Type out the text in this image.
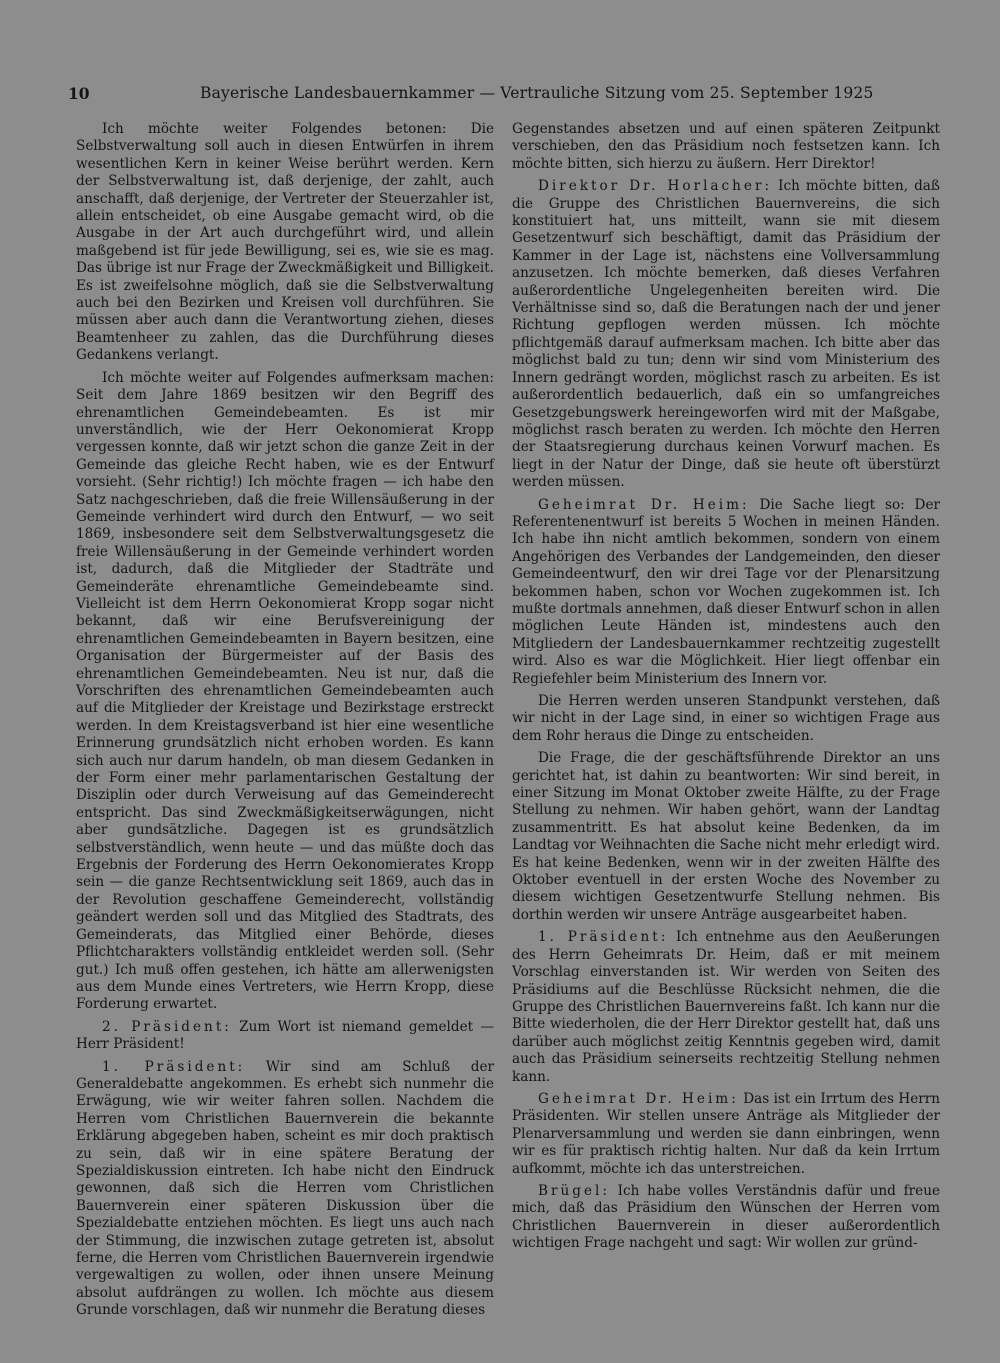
10	Bayerische Landesbauernkammer — Vertrauliche Sitzung vom 25. September 1925

Ich möchte weiter Folgendes betonen: Die Selbstverwaltung soll auch in diesen Entwürfen in ihrem wesentlichen Kern in keiner Weise berührt werden. Kern der Selbstverwaltung ist, daß derjenige, der zahlt, auch anschafft, daß derjenige, der Vertreter der Steuerzahler ist, allein entscheidet, ob eine Ausgabe gemacht wird, ob die Ausgabe in der Art auch durchgeführt wird, und allein maßgebend ist für jede Bewilligung, sei es, wie sie es mag. Das übrige ist nur Frage der Zweckmäßigkeit und Billigkeit. Es ist zweifelsohne möglich, daß sie die Selbstverwaltung auch bei den Bezirken und Kreisen voll durchführen. Sie müssen aber auch dann die Verantwortung ziehen, dieses Beamtenheer zu zahlen, das die Durchführung dieses Gedankens verlangt.

Ich möchte weiter auf Folgendes aufmerksam machen: Seit dem Jahre 1869 besitzen wir den Begriff des ehrenamtlichen Gemeindebeamten. Es ist mir unverständlich, wie der Herr Oekonomierat Kropp vergessen konnte, daß wir jetzt schon die ganze Zeit in der Gemeinde das gleiche Recht haben, wie es der Entwurf vorsieht. (Sehr richtig!) Ich möchte fragen — ich habe den Satz nachgeschrieben, daß die freie Willensäußerung in der Gemeinde verhindert wird durch den Entwurf, — wo seit 1869, insbesondere seit dem Selbstverwaltungsgesetz die freie Willensäußerung in der Gemeinde verhindert worden ist, dadurch, daß die Mitglieder der Stadträte und Gemeinderäte ehrenamtliche Gemeindebeamte sind. Vielleicht ist dem Herrn Oekonomierat Kropp sogar nicht bekannt, daß wir eine Berufsvereinigung der ehrenamtlichen Gemeindebeamten in Bayern besitzen, eine Organisation der Bürgermeister auf der Basis des ehrenamtlichen Gemeindebeamten. Neu ist nur, daß die Vorschriften des ehrenamtlichen Gemeindebeamten auch auf die Mitglieder der Kreistage und Bezirkstage erstreckt werden. In dem Kreistagsverband ist hier eine wesentliche Erinnerung grundsätzlich nicht erhoben worden. Es kann sich auch nur darum handeln, ob man diesem Gedanken in der Form einer mehr parlamentarischen Gestaltung der Disziplin oder durch Verweisung auf das Gemeinderecht entspricht. Das sind Zweckmäßigkeitserwägungen, nicht aber gundsätzliche. Dagegen ist es grundsätzlich selbstverständlich, wenn heute — und das müßte doch das Ergebnis der Forderung des Herrn Oekonomierates Kropp sein — die ganze Rechtsentwicklung seit 1869, auch das in der Revolution geschaffene Gemeinderecht, vollständig geändert werden soll und das Mitglied des Stadtrats, des Gemeinderats, das Mitglied einer Behörde, dieses Pflichtcharakters vollständig entkleidet werden soll. (Sehr gut.) Ich muß offen gestehen, ich hätte am allerwenigsten aus dem Munde eines Vertreters, wie Herrn Kropp, diese Forderung erwartet.

2. Präsident: Zum Wort ist niemand gemeldet — Herr Präsident!

1. Präsident: Wir sind am Schluß der Generaldebatte angekommen. Es erhebt sich nunmehr die Erwägung, wie wir weiter fahren sollen. Nachdem die Herren vom Christlichen Bauernverein die bekannte Erklärung abgegeben haben, scheint es mir doch praktisch zu sein, daß wir in eine spätere Beratung der Spezialdiskussion eintreten. Ich habe nicht den Eindruck gewonnen, daß sich die Herren vom Christlichen Bauernverein einer späteren Diskussion über die Spezialdebatte entziehen möchten. Es liegt uns auch nach der Stimmung, die inzwischen zutage getreten ist, absolut ferne, die Herren vom Christlichen Bauernverein irgendwie vergewaltigen zu wollen, oder ihnen unsere Meinung absolut aufdrängen zu wollen. Ich möchte aus diesem Grunde vorschlagen, daß wir nunmehr die Beratung dieses

Gegenstandes absetzen und auf einen späteren Zeitpunkt verschieben, den das Präsidium noch festsetzen kann. Ich möchte bitten, sich hierzu zu äußern. Herr Direktor!

Direktor Dr. Horlacher: Ich möchte bitten, daß die Gruppe des Christlichen Bauernvereins, die sich konstituiert hat, uns mitteilt, wann sie mit diesem Gesetzentwurf sich beschäftigt, damit das Präsidium der Kammer in der Lage ist, nächstens eine Vollversammlung anzusetzen. Ich möchte bemerken, daß dieses Verfahren außerordentliche Ungelegenheiten bereiten wird. Die Verhältnisse sind so, daß die Beratungen nach der und jener Richtung gepflogen werden müssen. Ich möchte pflichtgemäß darauf aufmerksam machen. Ich bitte aber das möglichst bald zu tun; denn wir sind vom Ministerium des Innern gedrängt worden, möglichst rasch zu arbeiten. Es ist außerordentlich bedauerlich, daß ein so umfangreiches Gesetzgebungswerk hereingeworfen wird mit der Maßgabe, möglichst rasch beraten zu werden. Ich möchte den Herren der Staatsregierung durchaus keinen Vorwurf machen. Es liegt in der Natur der Dinge, daß sie heute oft überstürzt werden müssen.

Geheimrat Dr. Heim: Die Sache liegt so: Der Referentenentwurf ist bereits 5 Wochen in meinen Händen. Ich habe ihn nicht amtlich bekommen, sondern von einem Angehörigen des Verbandes der Landgemeinden, den dieser Gemeindeentwurf, den wir drei Tage vor der Plenarsitzung bekommen haben, schon vor Wochen zugekommen ist. Ich mußte dortmals annehmen, daß dieser Entwurf schon in allen möglichen Leute Händen ist, mindestens auch den Mitgliedern der Landesbauernkammer rechtzeitig zugestellt wird. Also es war die Möglichkeit. Hier liegt offenbar ein Regiefehler beim Ministerium des Innern vor.

Die Herren werden unseren Standpunkt verstehen, daß wir nicht in der Lage sind, in einer so wichtigen Frage aus dem Rohr heraus die Dinge zu entscheiden.

Die Frage, die der geschäftsführende Direktor an uns gerichtet hat, ist dahin zu beantworten: Wir sind bereit, in einer Sitzung im Monat Oktober zweite Hälfte, zu der Frage Stellung zu nehmen. Wir haben gehört, wann der Landtag zusammentritt. Es hat absolut keine Bedenken, da im Landtag vor Weihnachten die Sache nicht mehr erledigt wird. Es hat keine Bedenken, wenn wir in der zweiten Hälfte des Oktober eventuell in der ersten Woche des November zu diesem wichtigen Gesetzentwurfe Stellung nehmen. Bis dorthin werden wir unsere Anträge ausgearbeitet haben.

1. Präsident: Ich entnehme aus den Aeußerungen des Herrn Geheimrats Dr. Heim, daß er mit meinem Vorschlag einverstanden ist. Wir werden von Seiten des Präsidiums auf die Beschlüsse Rücksicht nehmen, die die Gruppe des Christlichen Bauernvereins faßt. Ich kann nur die Bitte wiederholen, die der Herr Direktor gestellt hat, daß uns darüber auch möglichst zeitig Kenntnis gegeben wird, damit auch das Präsidium seinerseits rechtzeitig Stellung nehmen kann.

Geheimrat Dr. Heim: Das ist ein Irrtum des Herrn Präsidenten. Wir stellen unsere Anträge als Mitglieder der Plenarversammlung und werden sie dann einbringen, wenn wir es für praktisch richtig halten. Nur daß da kein Irrtum aufkommt, möchte ich das unterstreichen.

Brügel: Ich habe volles Verständnis dafür und freue mich, daß das Präsidium den Wünschen der Herren vom Christlichen Bauernverein in dieser außerordentlich wichtigen Frage nachgeht und sagt: Wir wollen zur gründ-
